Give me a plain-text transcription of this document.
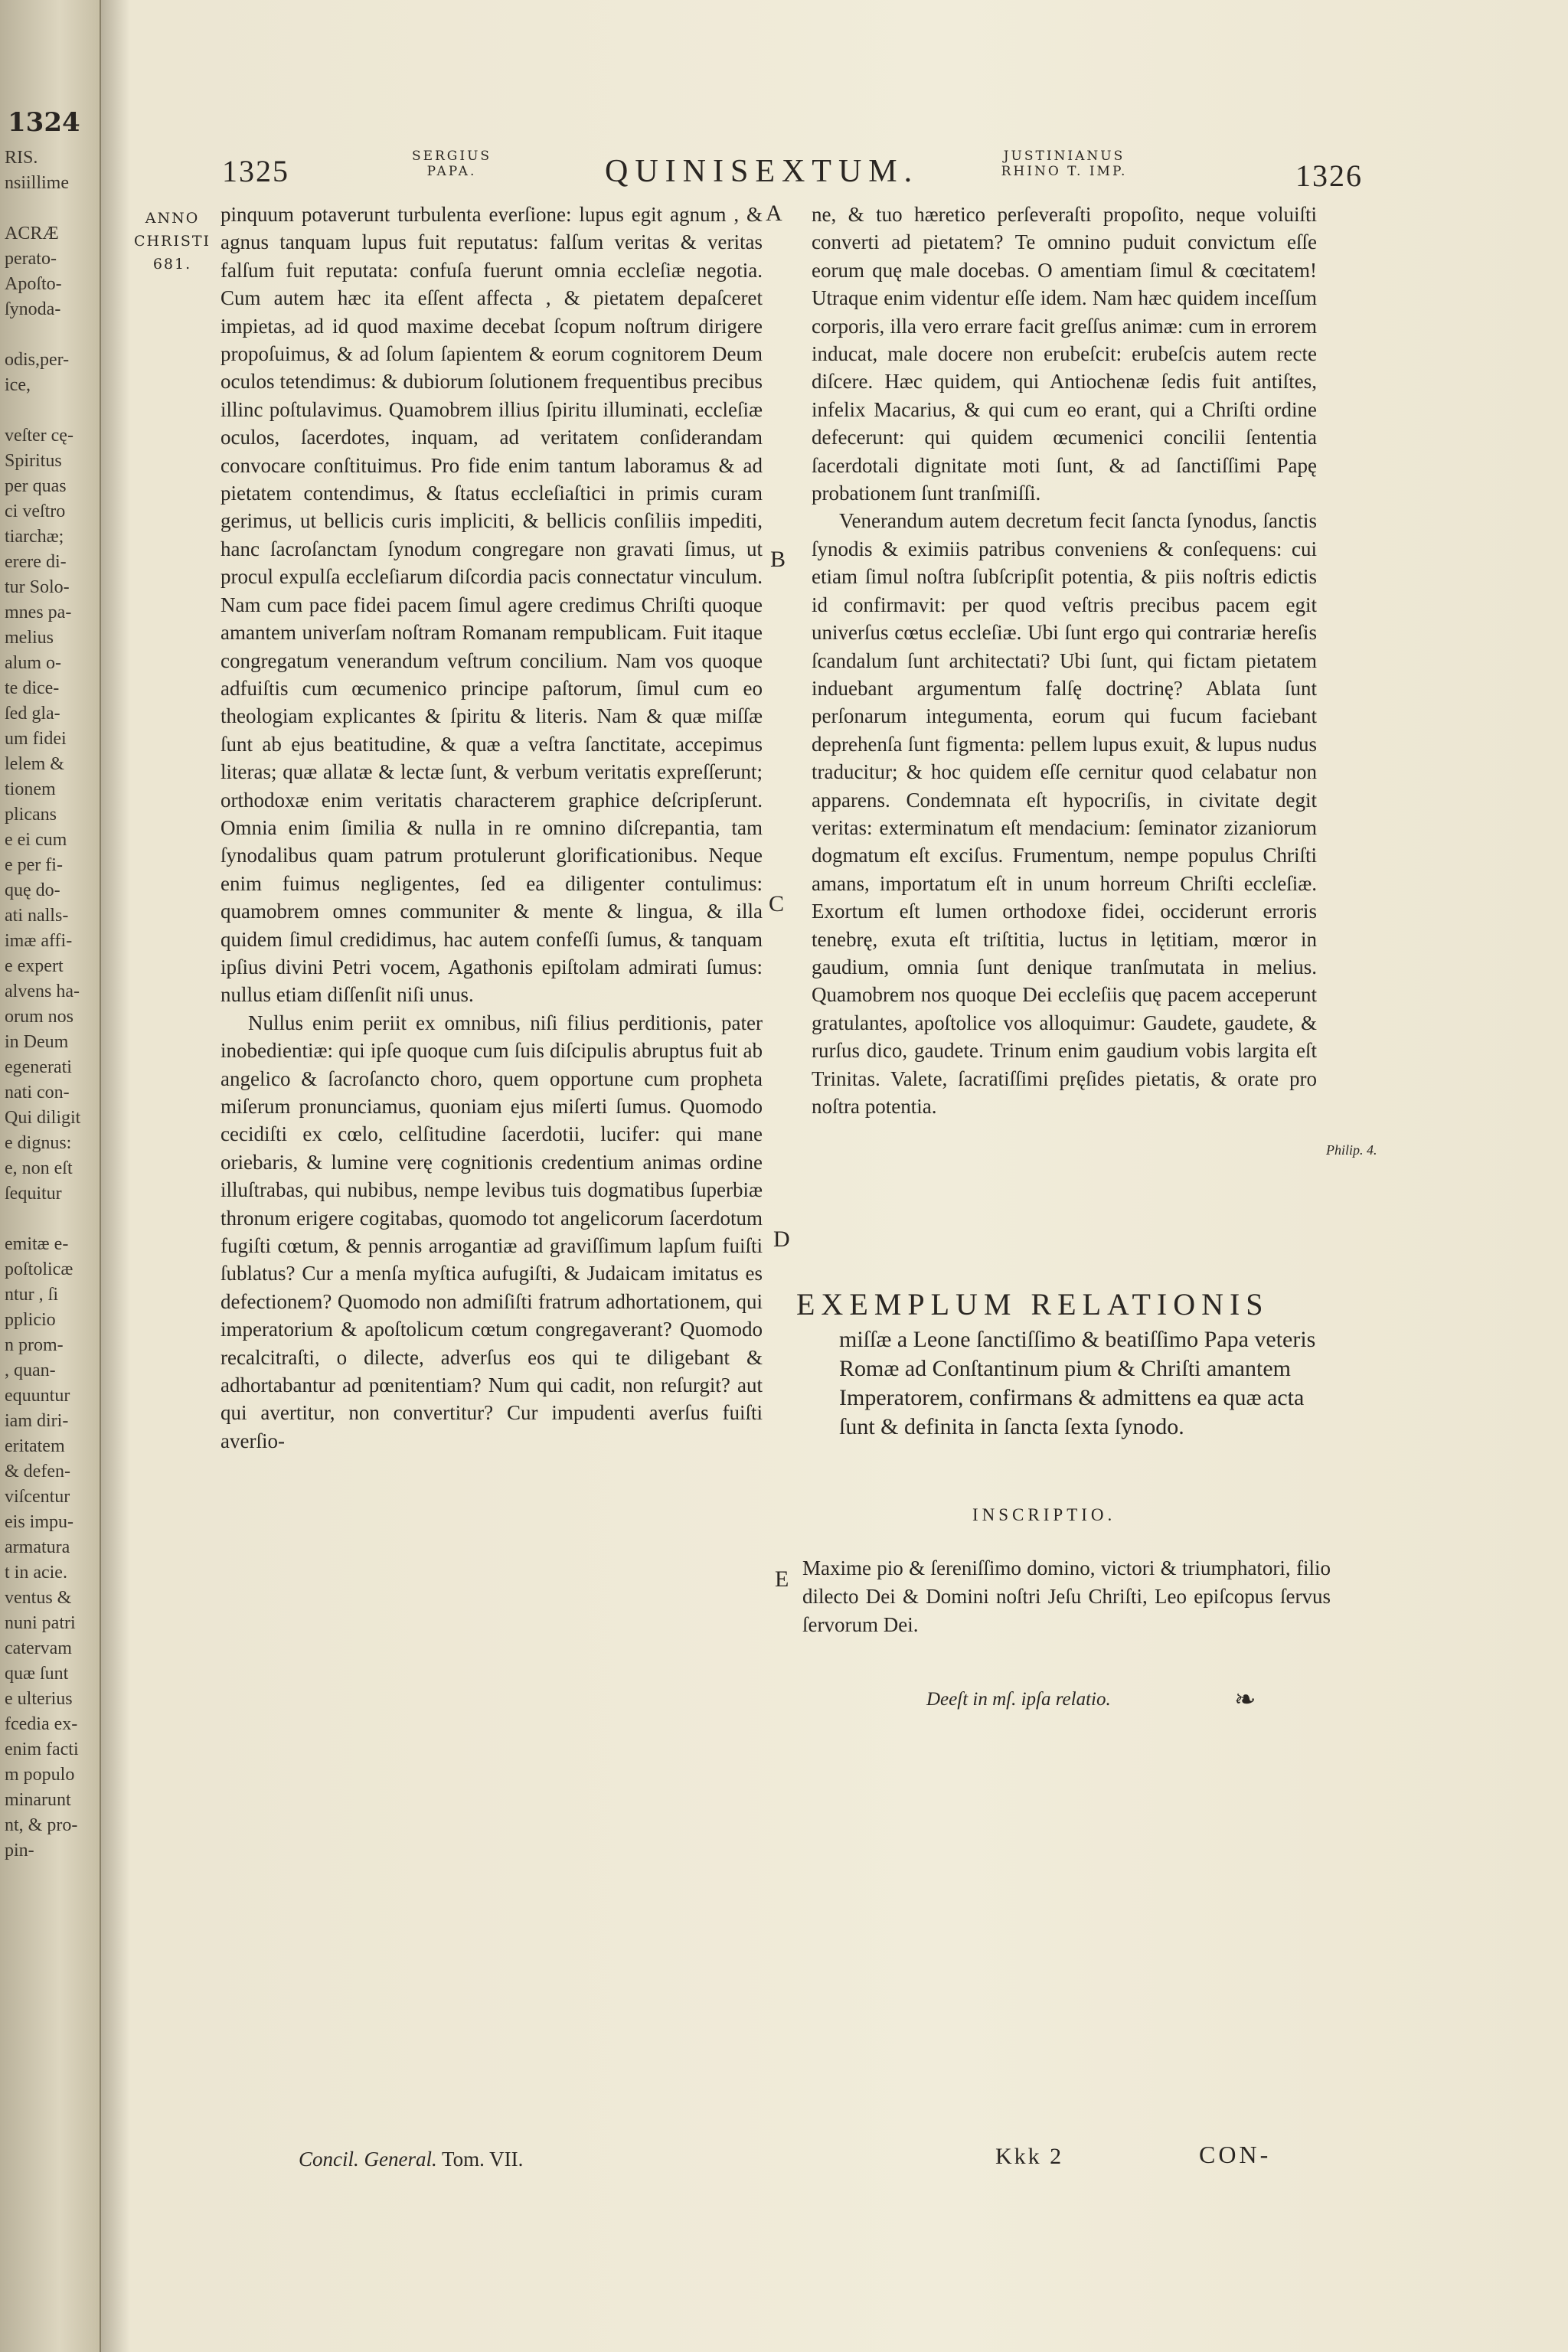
1324
RIS.
nsiillime

ACRÆ
perato-
Apoſto-
ſynoda-

odis,per-
ice,

veſter cę-
Spiritus
per quas
ci veſtro
tiarchæ;
erere di-
tur Solo-
mnes pa-
melius
alum o-
te dice-
ſed gla-
um fidei
lelem &
tionem
plicans
e ei cum
e per fi-
quę do-
ati nalls-
imæ affi-
e expert
alvens ha-
orum nos
in Deum
egenerati
nati con-
Qui diligit
e dignus:
e, non eſt
ſequitur

emitæ e-
poſtolicæ
ntur , ſi
pplicio
n prom-
, quan-
equuntur
iam diri-
eritatem
& defen-
viſcentur
eis impu-
armatura
t in acie.
ventus &
nuni patri
catervam
quæ ſunt
e ulterius
fcedia ex-
enim facti
m populo
minarunt
nt, & pro-
pin-
1325	SERGIUS
PAPA.	QUINISEXTUM.	JUSTINIANUS
RHINO T. IMP.	1326
ANNO CHRISTI 681.

pinquum potaverunt turbulenta everſione: lupus egit agnum , & agnus tanquam lupus fuit reputatus: falſum veritas & veritas falſum fuit reputata: confuſa fuerunt omnia eccleſiæ negotia. Cum autem hæc ita eſſent affecta , & pietatem depaſceret impietas, ad id quod maxime decebat ſcopum noſtrum dirigere propoſuimus, & ad ſolum ſapientem & eorum cognitorem Deum oculos tetendimus: & dubiorum ſolutionem frequentibus precibus illinc poſtulavimus. Quamobrem illius ſpiritu illuminati, eccleſiæ oculos, ſacerdotes, inquam, ad veritatem conſiderandam convocare conſtituimus. Pro fide enim tantum laboramus & ad pietatem contendimus, & ſtatus eccleſiaſtici in primis curam gerimus, ut bellicis curis impliciti, & bellicis conſiliis impediti, hanc ſacroſanctam ſynodum congregare non gravati ſimus, ut procul expulſa eccleſiarum diſcordia pacis connectatur vinculum. Nam cum pace fidei pacem ſimul agere credimus Chriſti quoque amantem univerſam noſtram Romanam rempublicam. Fuit itaque congregatum venerandum veſtrum concilium. Nam vos quoque adfuiſtis cum œcumenico principe paſtorum, ſimul cum eo theologiam explicantes & ſpiritu & literis. Nam & quæ miſſæ ſunt ab ejus beatitudine, & quæ a veſtra ſanctitate, accepimus literas; quæ allatæ & lectæ ſunt, & verbum veritatis expreſſerunt; orthodoxæ enim veritatis characterem graphice deſcripſerunt. Omnia enim ſimilia & nulla in re omnino diſcrepantia, tam ſynodalibus quam patrum protulerunt glorificationibus. Neque enim fuimus negligentes, ſed ea diligenter contulimus: quamobrem omnes communiter & mente & lingua, & illa quidem ſimul credidimus, hac autem confeſſi ſumus, & tanquam ipſius divini Petri vocem, Agathonis epiſtolam admirati ſumus: nullus etiam diſſenſit niſi unus.

Nullus enim periit ex omnibus, niſi filius perditionis, pater inobedientiæ: qui ipſe quoque cum ſuis diſcipulis abruptus fuit ab angelico & ſacroſancto choro, quem opportune cum propheta miſerum pronunciamus, quoniam ejus miſerti ſumus. Quomodo cecidiſti ex cœlo, celſitudine ſacerdotii, lucifer: qui mane oriebaris, & lumine verę cognitionis credentium animas ordine illuſtrabas, qui nubibus, nempe levibus tuis dogmatibus ſuperbiæ thronum erigere cogitabas, quomodo tot angelicorum ſacerdotum fugiſti cœtum, & pennis arrogantiæ ad graviſſimum lapſum fuiſti ſublatus? Cur a menſa myſtica aufugiſti, & Judaicam imitatus es defectionem? Quomodo non admiſiſti fratrum adhortationem, qui imperatorium & apoſtolicum cœtum congregaverant? Quomodo recalcitraſti, o dilecte, adverſus eos qui te diligebant & adhortabantur ad pœnitentiam? Num qui cadit, non reſurgit? aut qui avertitur, non convertitur? Cur impudenti averſus fuiſti averſio-

ne, & tuo hæretico perſeveraſti propoſito, neque voluiſti converti ad pietatem? Te omnino puduit convictum eſſe eorum quę male docebas. O amentiam ſimul & cœcitatem! Utraque enim videntur eſſe idem. Nam hæc quidem inceſſum corporis, illa vero errare facit greſſus animæ: cum in errorem inducat, male docere non erubeſcit: erubeſcis autem recte diſcere. Hæc quidem, qui Antiochenæ ſedis fuit antiſtes, infelix Macarius, & qui cum eo erant, qui a Chriſti ordine defecerunt: qui quidem œcumenici concilii ſententia ſacerdotali dignitate moti ſunt, & ad ſanctiſſimi Papę probationem ſunt tranſmiſſi.

Venerandum autem decretum fecit ſancta ſynodus, ſanctis ſynodis & eximiis patribus conveniens & conſequens: cui etiam ſimul noſtra ſubſcripſit potentia, & piis noſtris edictis id confirmavit: per quod veſtris precibus pacem egit univerſus cœtus eccleſiæ. Ubi ſunt ergo qui contrariæ hereſis ſcandalum ſunt architectati? Ubi ſunt, qui fictam pietatem induebant argumentum falſę doctrinę? Ablata ſunt perſonarum integumenta, eorum qui fucum faciebant deprehenſa ſunt figmenta: pellem lupus exuit, & lupus nudus traducitur; & hoc quidem eſſe cernitur quod celabatur non apparens. Condemnata eſt hypocriſis, in civitate degit veritas: exterminatum eſt mendacium: ſeminator zizaniorum dogmatum eſt exciſus. Frumentum, nempe populus Chriſti amans, importatum eſt in unum horreum Chriſti eccleſiæ. Exortum eſt lumen orthodoxe fidei, occiderunt erroris tenebrę, exuta eſt triſtitia, luctus in lętitiam, mœror in gaudium, omnia ſunt denique tranſmutata in melius. Quamobrem nos quoque Dei eccleſiis quę pacem acceperunt gratulantes, apoſtolice vos alloquimur: Gaudete, gaudete, & rurſus dico, gaudete. Trinum enim gaudium vobis largita eſt Trinitas. Valete, ſacratiſſimi pręſides pietatis, & orate pro noſtra potentia.

A
B
C
D
E
Philip. 4.
EXEMPLUM RELATIONIS
miſſæ a Leone ſanctiſſimo & beatiſſimo Papa veteris Romæ ad Conſtantinum pium & Chriſti amantem Imperatorem, confirmans & admittens ea quæ acta ſunt & definita in ſancta ſexta ſynodo.
INSCRIPTIO.
Maxime pio & ſereniſſimo domino, victori & triumphatori, filio dilecto Dei & Domini noſtri Jeſu Chriſti, Leo epiſcopus ſervus ſervorum Dei.
Deeſt in mſ. ipſa relatio.	❧
Concil. General. Tom. VII.	Kkk 2	CON-
